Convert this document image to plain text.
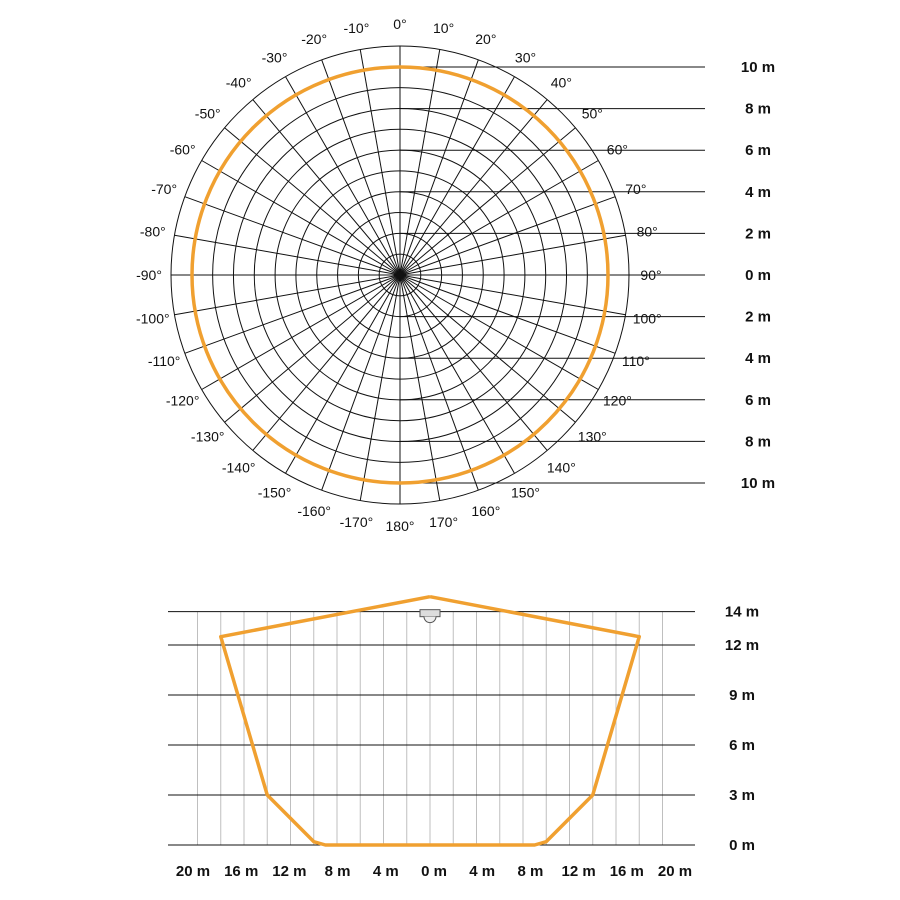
0° 10°
20°
30°
40°
50°
60°
70°
80°
90°
100°
110°
120°
130°
140°
150°
160°
170°
180°
-170°
-160°
-150°
-140°
-130°
-120°
-110°
-100°
-90°
-80°
-70°
-60°
-50°
-40°
-30°
-20°
-10°
10 m
8 m
6 m
4 m
2 m
0 m
2 m
4 m
6 m
8 m
10 m
14 m
12 m
9 m
6 m
3 m
0 m
20 m 16 m 12 m 8 m 4 m 0 m 4 m 8 m 12 m 16 m 20 m
